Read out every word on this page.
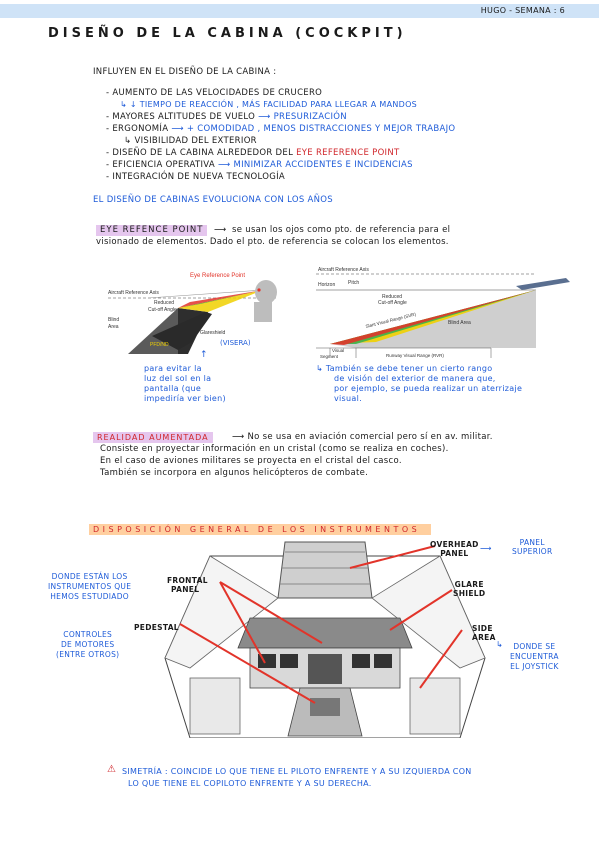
HUGO - SEMANA : 6
DISEÑO DE LA CABINA (COCKPIT)
INFLUYEN EN EL DISEÑO DE LA CABINA :
- AUMENTO DE LAS VELOCIDADES DE CRUCERO
↳ ↓ TIEMPO DE REACCIÓN , MÁS FACILIDAD PARA LLEGAR A MANDOS
- MAYORES ALTITUDES DE VUELO ⟶ PRESURIZACIÓN
- ERGONOMÍA ⟶ + COMODIDAD , MENOS DISTRACCIONES Y MEJOR TRABAJO
↳ VISIBILIDAD DEL EXTERIOR
- DISEÑO DE LA CABINA ALREDEDOR DEL EYE REFERENCE POINT
- EFICIENCIA OPERATIVA ⟶ MINIMIZAR ACCIDENTES E INCIDENCIAS
- INTEGRACIÓN DE NUEVA TECNOLOGÍA
EL DISEÑO DE CABINAS EVOLUCIONA CON LOS AÑOS
EYE REFENCE POINT	⟶ se usan los ojos como pto. de referencia para el
visionado de elementos. Dado el pto. de referencia se colocan los elementos.
Eye Reference Point
Aircraft Reference Axis
Reduced
Cut-off Angle
Blind
Area
Glareshield
(VISERA)
PFD/ND
Aircraft Reference Axis
Pitch
Horizon
Reduced
Cut-off Angle
Blind Area
Slant Visual Range (SVR)
Visual
Segment	Runway Visual Range (RVR)
↑
para evitar la
luz del sol en la
pantalla (que
impediría ver bien)
↳ También se debe tener un cierto rango
de visión del exterior de manera que,
por ejemplo, se pueda realizar un aterrizaje
visual.
REALIDAD AUMENTADA	⟶ No se usa en aviación comercial pero sí en av. militar.
Consiste en proyectar información en un cristal (como se realiza en coches).
En el caso de aviones militares se proyecta en el cristal del casco.
También se incorpora en algunos helicópteros de combate.
DISPOSICIÓN GENERAL DE LOS INSTRUMENTOS
OVERHEAD
PANEL
⟶
PANEL
SUPERIOR
FRONTAL
PANEL
DONDE ESTÁN LOS
INSTRUMENTOS QUE
HEMOS ESTUDIADO
GLARE
SHIELD
PEDESTAL
CONTROLES
DE MOTORES
(ENTRE OTROS)
SIDE
AREA
↳	DONDE SE
ENCUENTRA
EL JOYSTICK
⚠ SIMETRÍA : COINCIDE LO QUE TIENE EL PILOTO ENFRENTE Y A SU IZQUIERDA CON
LO QUE TIENE EL COPILOTO ENFRENTE Y A SU DERECHA.
